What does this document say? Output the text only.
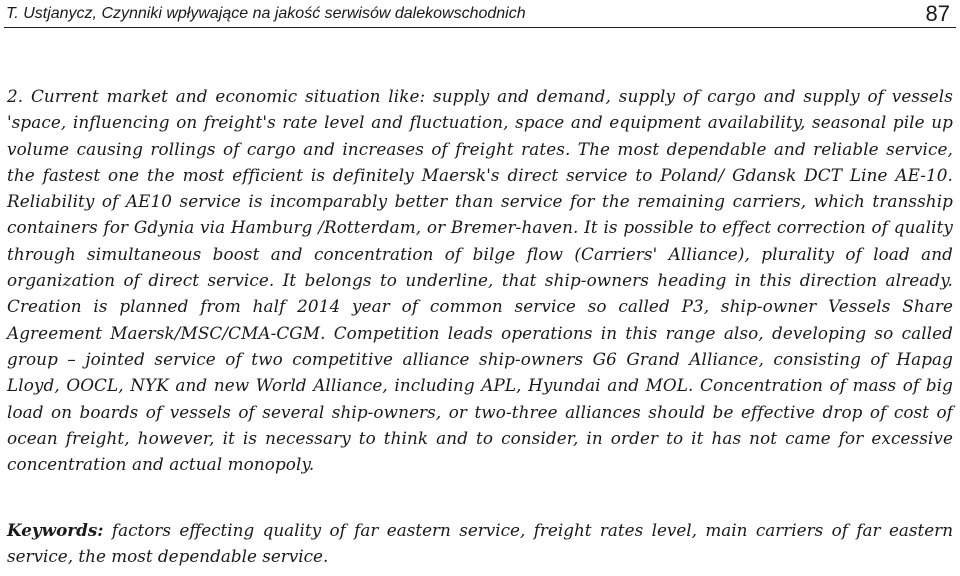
T. Ustjanycz, Czynniki wpływające na jakość serwisów dalekowschodnich	87

2. Current market and economic situation like: supply and demand, supply of cargo and supply of vessels 'space, influencing on freight's rate level and fluctuation, space and equipment availability, seasonal pile up volume causing rollings of cargo and increases of freight rates. The most dependable and reliable service, the fastest one the most efficient is definitely Maersk's direct service to Poland/ Gdansk DCT Line AE-10. Reliability of AE10 service is incomparably better than service for the remaining carriers, which transship containers for Gdynia via Hamburg /Rotterdam, or Bremer-haven. It is possible to effect correction of quality through simultaneous boost and concentration of bilge flow (Carriers' Alliance), plurality of load and organization of direct service. It belongs to underline, that ship-owners heading in this direction already. Creation is planned from half 2014 year of common service so called P3, ship-owner Vessels Share Agreement Maersk/MSC/CMA-CGM. Competition leads operations in this range also, developing so called group – jointed service of two competitive alliance ship-owners G6 Grand Alliance, consisting of Hapag Lloyd, OOCL, NYK and new World Alliance, including APL, Hyundai and MOL. Concentration of mass of big load on boards of vessels of several ship-owners, or two-three alliances should be effective drop of cost of ocean freight, however, it is necessary to think and to consider, in order to it has not came for excessive concentration and actual monopoly.

Keywords: factors effecting quality of far eastern service, freight rates level, main carriers of far eastern service, the most dependable service.
